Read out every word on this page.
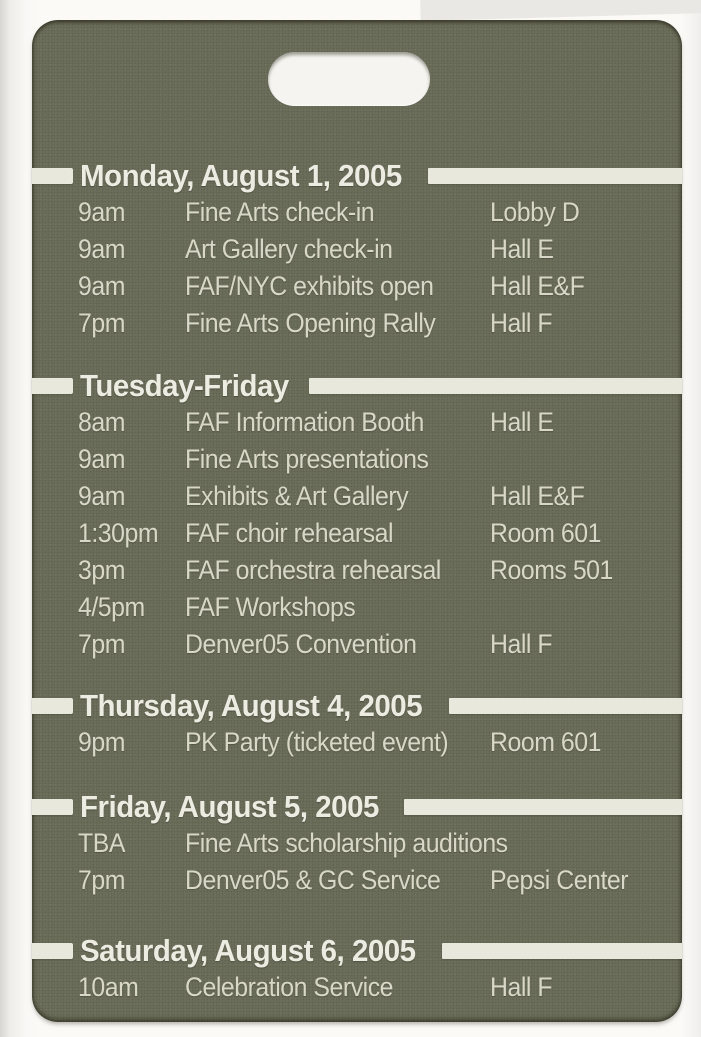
Monday, August 1, 2005
9am	Fine Arts check-in	Lobby D
9am	Art Gallery check-in	Hall E
9am	FAF/NYC exhibits open	Hall E&F
7pm	Fine Arts Opening Rally	Hall F
Tuesday-Friday
8am	FAF Information Booth	Hall E
9am	Fine Arts presentations
9am	Exhibits & Art Gallery	Hall E&F
1:30pm FAF choir rehearsal	Room 601
3pm	FAF orchestra rehearsal	Rooms 501
4/5pm	FAF Workshops
7pm	Denver05 Convention	Hall F
Thursday, August 4, 2005
9pm	PK Party (ticketed event)	Room 601
Friday, August 5, 2005
TBA	Fine Arts scholarship auditions
7pm	Denver05 & GC Service	Pepsi Center
Saturday, August 6, 2005
10am	Celebration Service	Hall F
